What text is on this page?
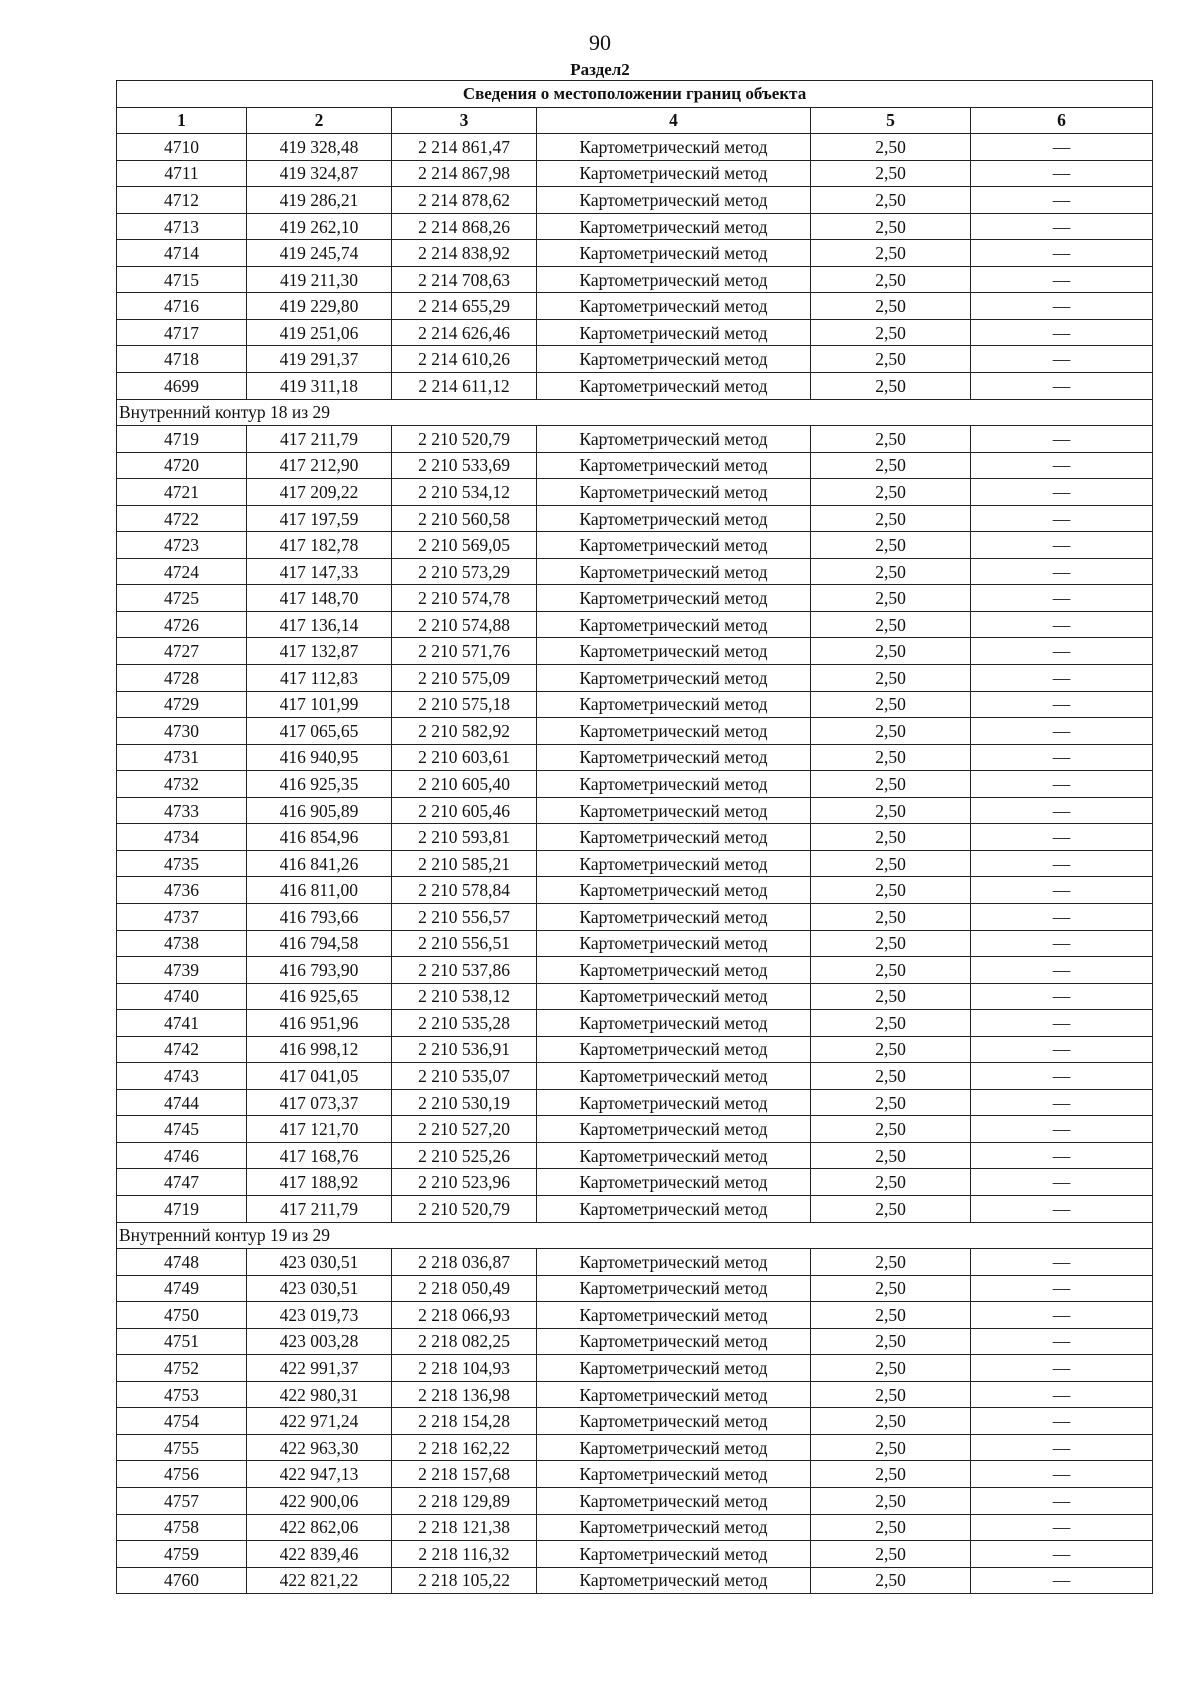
90
Раздел2
Сведения о местоположении границ объекта					
1	2	3	4	5	6
4710	419 328,48	2 214 861,47	Картометрический метод	2,50	—
4711	419 324,87	2 214 867,98	Картометрический метод	2,50	—
4712	419 286,21	2 214 878,62	Картометрический метод	2,50	—
4713	419 262,10	2 214 868,26	Картометрический метод	2,50	—
4714	419 245,74	2 214 838,92	Картометрический метод	2,50	—
4715	419 211,30	2 214 708,63	Картометрический метод	2,50	—
4716	419 229,80	2 214 655,29	Картометрический метод	2,50	—
4717	419 251,06	2 214 626,46	Картометрический метод	2,50	—
4718	419 291,37	2 214 610,26	Картометрический метод	2,50	—
4699	419 311,18	2 214 611,12	Картометрический метод	2,50	—
Внутренний контур 18 из 29					
4719	417 211,79	2 210 520,79	Картометрический метод	2,50	—
4720	417 212,90	2 210 533,69	Картометрический метод	2,50	—
4721	417 209,22	2 210 534,12	Картометрический метод	2,50	—
4722	417 197,59	2 210 560,58	Картометрический метод	2,50	—
4723	417 182,78	2 210 569,05	Картометрический метод	2,50	—
4724	417 147,33	2 210 573,29	Картометрический метод	2,50	—
4725	417 148,70	2 210 574,78	Картометрический метод	2,50	—
4726	417 136,14	2 210 574,88	Картометрический метод	2,50	—
4727	417 132,87	2 210 571,76	Картометрический метод	2,50	—
4728	417 112,83	2 210 575,09	Картометрический метод	2,50	—
4729	417 101,99	2 210 575,18	Картометрический метод	2,50	—
4730	417 065,65	2 210 582,92	Картометрический метод	2,50	—
4731	416 940,95	2 210 603,61	Картометрический метод	2,50	—
4732	416 925,35	2 210 605,40	Картометрический метод	2,50	—
4733	416 905,89	2 210 605,46	Картометрический метод	2,50	—
4734	416 854,96	2 210 593,81	Картометрический метод	2,50	—
4735	416 841,26	2 210 585,21	Картометрический метод	2,50	—
4736	416 811,00	2 210 578,84	Картометрический метод	2,50	—
4737	416 793,66	2 210 556,57	Картометрический метод	2,50	—
4738	416 794,58	2 210 556,51	Картометрический метод	2,50	—
4739	416 793,90	2 210 537,86	Картометрический метод	2,50	—
4740	416 925,65	2 210 538,12	Картометрический метод	2,50	—
4741	416 951,96	2 210 535,28	Картометрический метод	2,50	—
4742	416 998,12	2 210 536,91	Картометрический метод	2,50	—
4743	417 041,05	2 210 535,07	Картометрический метод	2,50	—
4744	417 073,37	2 210 530,19	Картометрический метод	2,50	—
4745	417 121,70	2 210 527,20	Картометрический метод	2,50	—
4746	417 168,76	2 210 525,26	Картометрический метод	2,50	—
4747	417 188,92	2 210 523,96	Картометрический метод	2,50	—
4719	417 211,79	2 210 520,79	Картометрический метод	2,50	—
Внутренний контур 19 из 29					
4748	423 030,51	2 218 036,87	Картометрический метод	2,50	—
4749	423 030,51	2 218 050,49	Картометрический метод	2,50	—
4750	423 019,73	2 218 066,93	Картометрический метод	2,50	—
4751	423 003,28	2 218 082,25	Картометрический метод	2,50	—
4752	422 991,37	2 218 104,93	Картометрический метод	2,50	—
4753	422 980,31	2 218 136,98	Картометрический метод	2,50	—
4754	422 971,24	2 218 154,28	Картометрический метод	2,50	—
4755	422 963,30	2 218 162,22	Картометрический метод	2,50	—
4756	422 947,13	2 218 157,68	Картометрический метод	2,50	—
4757	422 900,06	2 218 129,89	Картометрический метод	2,50	—
4758	422 862,06	2 218 121,38	Картометрический метод	2,50	—
4759	422 839,46	2 218 116,32	Картометрический метод	2,50	—
4760	422 821,22	2 218 105,22	Картометрический метод	2,50	—
